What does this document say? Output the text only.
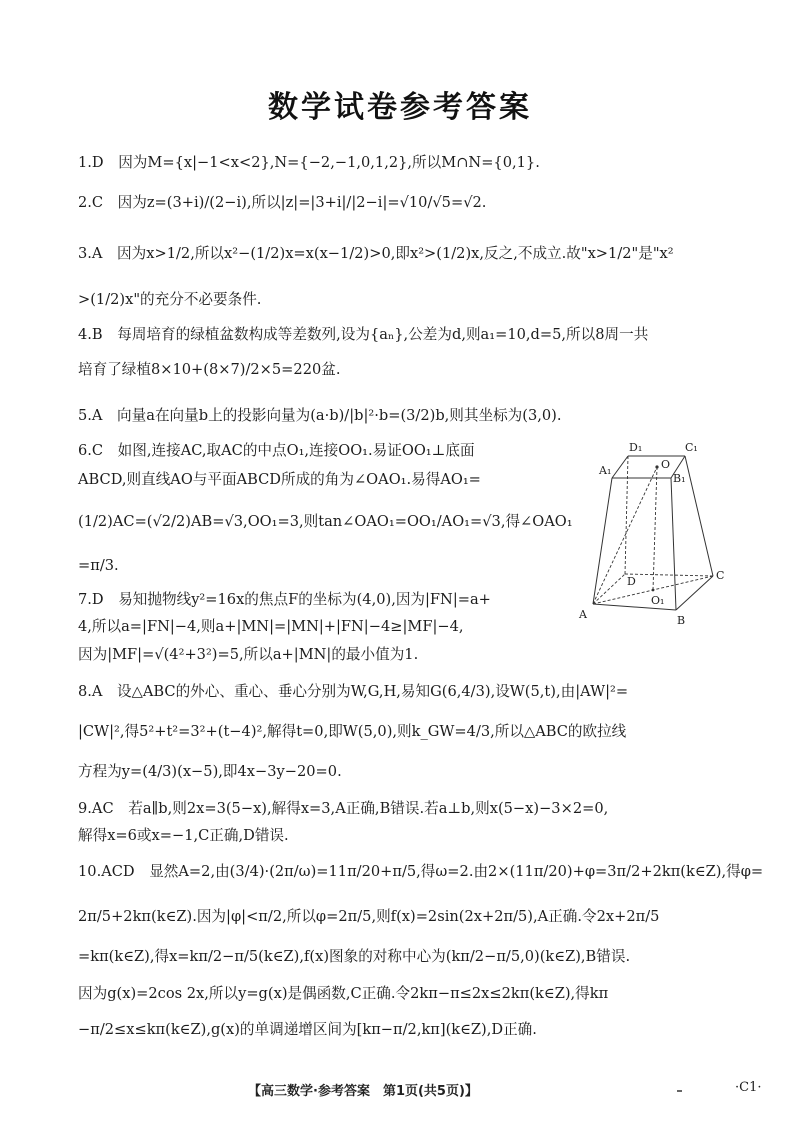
数学试卷参考答案
1.D　因为M={x|−1<x<2},N={−2,−1,0,1,2},所以M∩N={0,1}.
2.C　因为z=(3+i)/(2−i),所以|z|=|3+i|/|2−i|=√10/√5=√2.
3.A　因为x>1/2,所以x²−(1/2)x=x(x−1/2)>0,即x²>(1/2)x,反之,不成立.故"x>1/2"是"x²
>(1/2)x"的充分不必要条件.
4.B　每周培育的绿植盆数构成等差数列,设为{aₙ},公差为d,则a₁=10,d=5,所以8周一共
培育了绿植8×10+(8×7)/2×5=220盆.
5.A　向量a在向量b上的投影向量为(a·b)/|b|²·b=(3/2)b,则其坐标为(3,0).
6.C　如图,连接AC,取AC的中点O₁,连接OO₁.易证OO₁⊥底面
ABCD,则直线AO与平面ABCD所成的角为∠OAO₁.易得AO₁=
(1/2)AC=(√2/2)AB=√3,OO₁=3,则tan∠OAO₁=OO₁/AO₁=√3,得∠OAO₁
=π/3.
7.D　易知抛物线y²=16x的焦点F的坐标为(4,0),因为|FN|=a+
4,所以a=|FN|−4,则a+|MN|=|MN|+|FN|−4≥|MF|−4,
因为|MF|=√(4²+3²)=5,所以a+|MN|的最小值为1.
8.A　设△ABC的外心、重心、垂心分别为W,G,H,易知G(6,4/3),设W(5,t),由|AW|²=
|CW|²,得5²+t²=3²+(t−4)²,解得t=0,即W(5,0),则k_GW=4/3,所以△ABC的欧拉线
方程为y=(4/3)(x−5),即4x−3y−20=0.
9.AC　若a∥b,则2x=3(5−x),解得x=3,A正确,B错误.若a⊥b,则x(5−x)−3×2=0,
解得x=6或x=−1,C正确,D错误.
10.ACD　显然A=2,由(3/4)·(2π/ω)=11π/20+π/5,得ω=2.由2×(11π/20)+φ=3π/2+2kπ(k∈Z),得φ=
2π/5+2kπ(k∈Z).因为|φ|<π/2,所以φ=2π/5,则f(x)=2sin(2x+2π/5),A正确.令2x+2π/5
=kπ(k∈Z),得x=kπ/2−π/5(k∈Z),f(x)图象的对称中心为(kπ/2−π/5,0)(k∈Z),B错误.
因为g(x)=2cos 2x,所以y=g(x)是偶函数,C正确.令2kπ−π≤2x≤2kπ(k∈Z),得kπ
−π/2≤x≤kπ(k∈Z),g(x)的单调递增区间为[kπ−π/2,kπ](k∈Z),D正确.
D₁	C₁
A₁	O
B₁
D	C
O₁
A	B
【高三数学·参考答案　第1页(共5页)】	·C1·
